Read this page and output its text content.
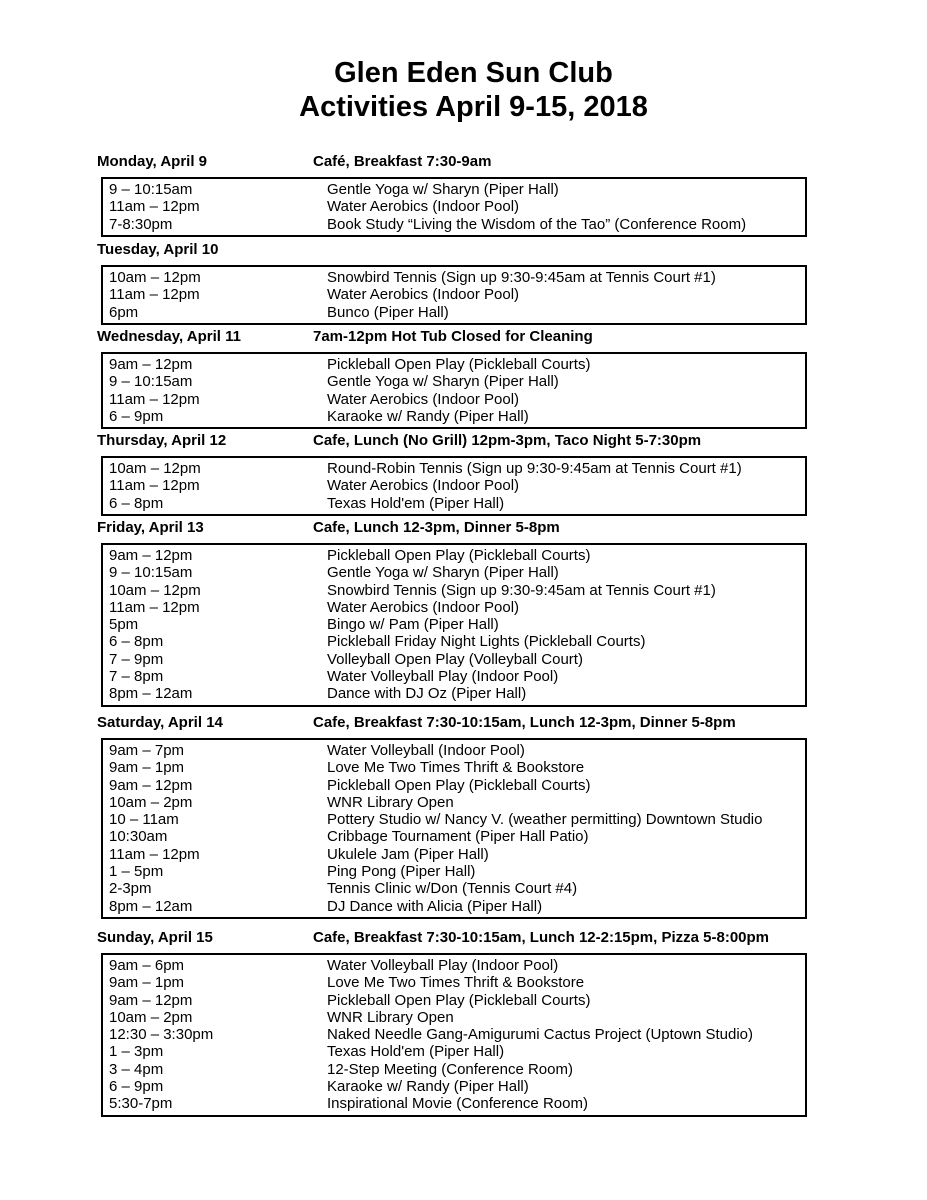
Glen Eden Sun Club
Activities April 9-15, 2018
Monday, April 9	Café, Breakfast 7:30-9am
9 – 10:15am	Gentle Yoga w/ Sharyn (Piper Hall)
11am – 12pm	Water Aerobics (Indoor Pool)
7-8:30pm	Book Study “Living the Wisdom of the Tao” (Conference Room)
Tuesday, April 10
10am – 12pm	Snowbird Tennis (Sign up 9:30-9:45am at Tennis Court #1)
11am – 12pm	Water Aerobics (Indoor Pool)
6pm	Bunco (Piper Hall)
Wednesday, April 11	7am-12pm Hot Tub Closed for Cleaning
9am – 12pm	Pickleball Open Play (Pickleball Courts)
9 – 10:15am	Gentle Yoga w/ Sharyn (Piper Hall)
11am – 12pm	Water Aerobics (Indoor Pool)
6 – 9pm	Karaoke w/ Randy (Piper Hall)
Thursday, April 12	Cafe, Lunch (No Grill) 12pm-3pm, Taco Night 5-7:30pm
10am – 12pm	Round-Robin Tennis (Sign up 9:30-9:45am at Tennis Court #1)
11am – 12pm	Water Aerobics (Indoor Pool)
6 – 8pm	Texas Hold'em (Piper Hall)
Friday, April 13	Cafe, Lunch 12-3pm, Dinner 5-8pm
9am – 12pm	Pickleball Open Play (Pickleball Courts)
9 – 10:15am	Gentle Yoga w/ Sharyn (Piper Hall)
10am – 12pm	Snowbird Tennis (Sign up 9:30-9:45am at Tennis Court #1)
11am – 12pm	Water Aerobics (Indoor Pool)
5pm	Bingo w/ Pam (Piper Hall)
6 – 8pm	Pickleball Friday Night Lights (Pickleball Courts)
7 – 9pm	Volleyball Open Play (Volleyball Court)
7 – 8pm	Water Volleyball Play (Indoor Pool)
8pm – 12am	Dance with DJ Oz (Piper Hall)
Saturday, April 14	Cafe, Breakfast 7:30-10:15am, Lunch 12-3pm, Dinner 5-8pm
9am – 7pm	Water Volleyball (Indoor Pool)
9am – 1pm	Love Me Two Times Thrift & Bookstore
9am – 12pm	Pickleball Open Play (Pickleball Courts)
10am – 2pm	WNR Library Open
10 – 11am	Pottery Studio w/ Nancy V. (weather permitting) Downtown Studio
10:30am	Cribbage Tournament (Piper Hall Patio)
11am – 12pm	Ukulele Jam (Piper Hall)
1 – 5pm	Ping Pong (Piper Hall)
2-3pm	Tennis Clinic w/Don (Tennis Court #4)
8pm – 12am	DJ Dance with Alicia (Piper Hall)
Sunday, April 15	Cafe, Breakfast 7:30-10:15am, Lunch 12-2:15pm, Pizza 5-8:00pm
9am – 6pm	Water Volleyball Play (Indoor Pool)
9am – 1pm	Love Me Two Times Thrift & Bookstore
9am – 12pm	Pickleball Open Play (Pickleball Courts)
10am – 2pm	WNR Library Open
12:30 – 3:30pm	Naked Needle Gang-Amigurumi Cactus Project (Uptown Studio)
1 – 3pm	Texas Hold'em (Piper Hall)
3 – 4pm	12-Step Meeting (Conference Room)
6 – 9pm	Karaoke w/ Randy (Piper Hall)
5:30-7pm	Inspirational Movie (Conference Room)
